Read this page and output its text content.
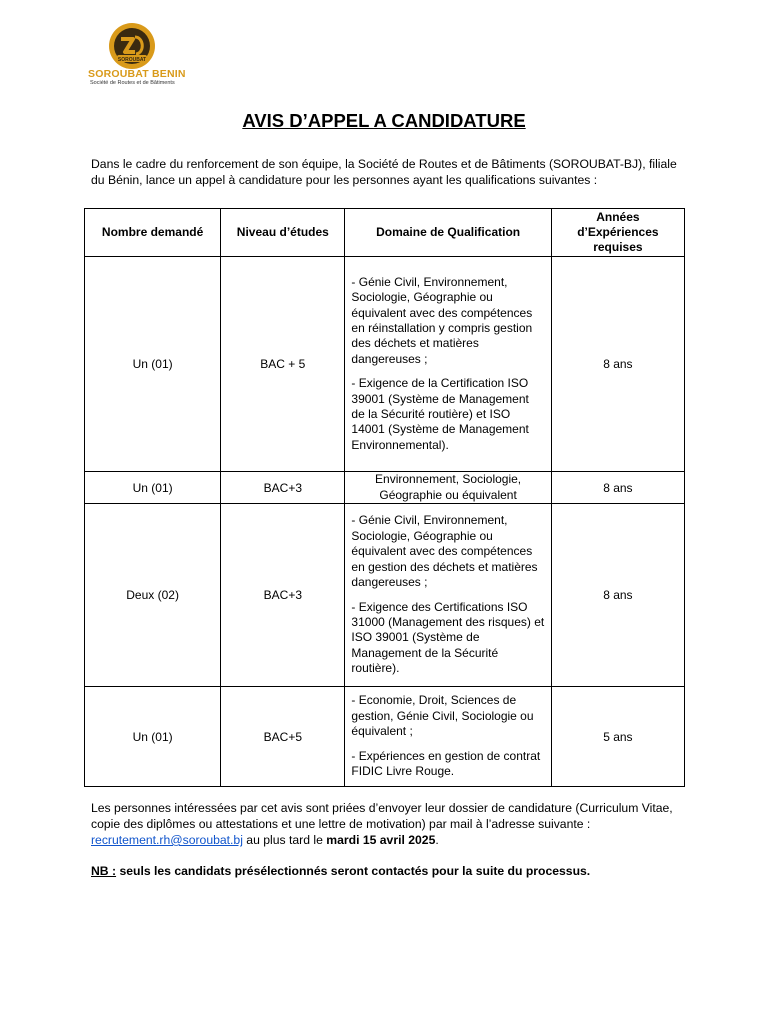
SOROUBAT
SOROUBAT BENIN
Société de Routes et de Bâtiments
AVIS D’APPEL A CANDIDATURE
Dans le cadre du renforcement de son équipe, la Société de Routes et de Bâtiments (SOROUBAT-BJ), filiale du Bénin, lance un appel à candidature pour les personnes ayant les qualifications suivantes :
Nombre demandé	Niveau d’études	Domaine de Qualification	Années
d’Expériences
requises

Un (01)	BAC + 5	- Génie Civil, Environnement, Sociologie, Géographie ou équivalent avec des compétences en réinstallation y compris gestion des déchets et matières dangereuses ;

- Exigence de la Certification ISO 39001 (Système de Management de la Sécurité routière) et ISO 14001 (Système de Management Environnemental).	8 ans
Un (01)	BAC+3	Environnement, Sociologie, Géographie ou équivalent	8 ans
Deux (02)	BAC+3	- Génie Civil, Environnement, Sociologie, Géographie ou équivalent avec des compétences en gestion des déchets et matières dangereuses ;

- Exigence des Certifications ISO 31000 (Management des risques) et ISO 39001 (Système de Management de la Sécurité routière).	8 ans
Un (01)	BAC+5	- Economie, Droit, Sciences de gestion, Génie Civil, Sociologie ou équivalent ;

- Expériences en gestion de contrat FIDIC Livre Rouge.	5 ans
Les personnes intéressées par cet avis sont priées d’envoyer leur dossier de candidature (Curriculum Vitae, copie des diplômes ou attestations et une lettre de motivation) par mail à l’adresse suivante : recrutement.rh@soroubat.bj au plus tard le mardi 15 avril 2025.
NB : seuls les candidats présélectionnés seront contactés pour la suite du processus.
